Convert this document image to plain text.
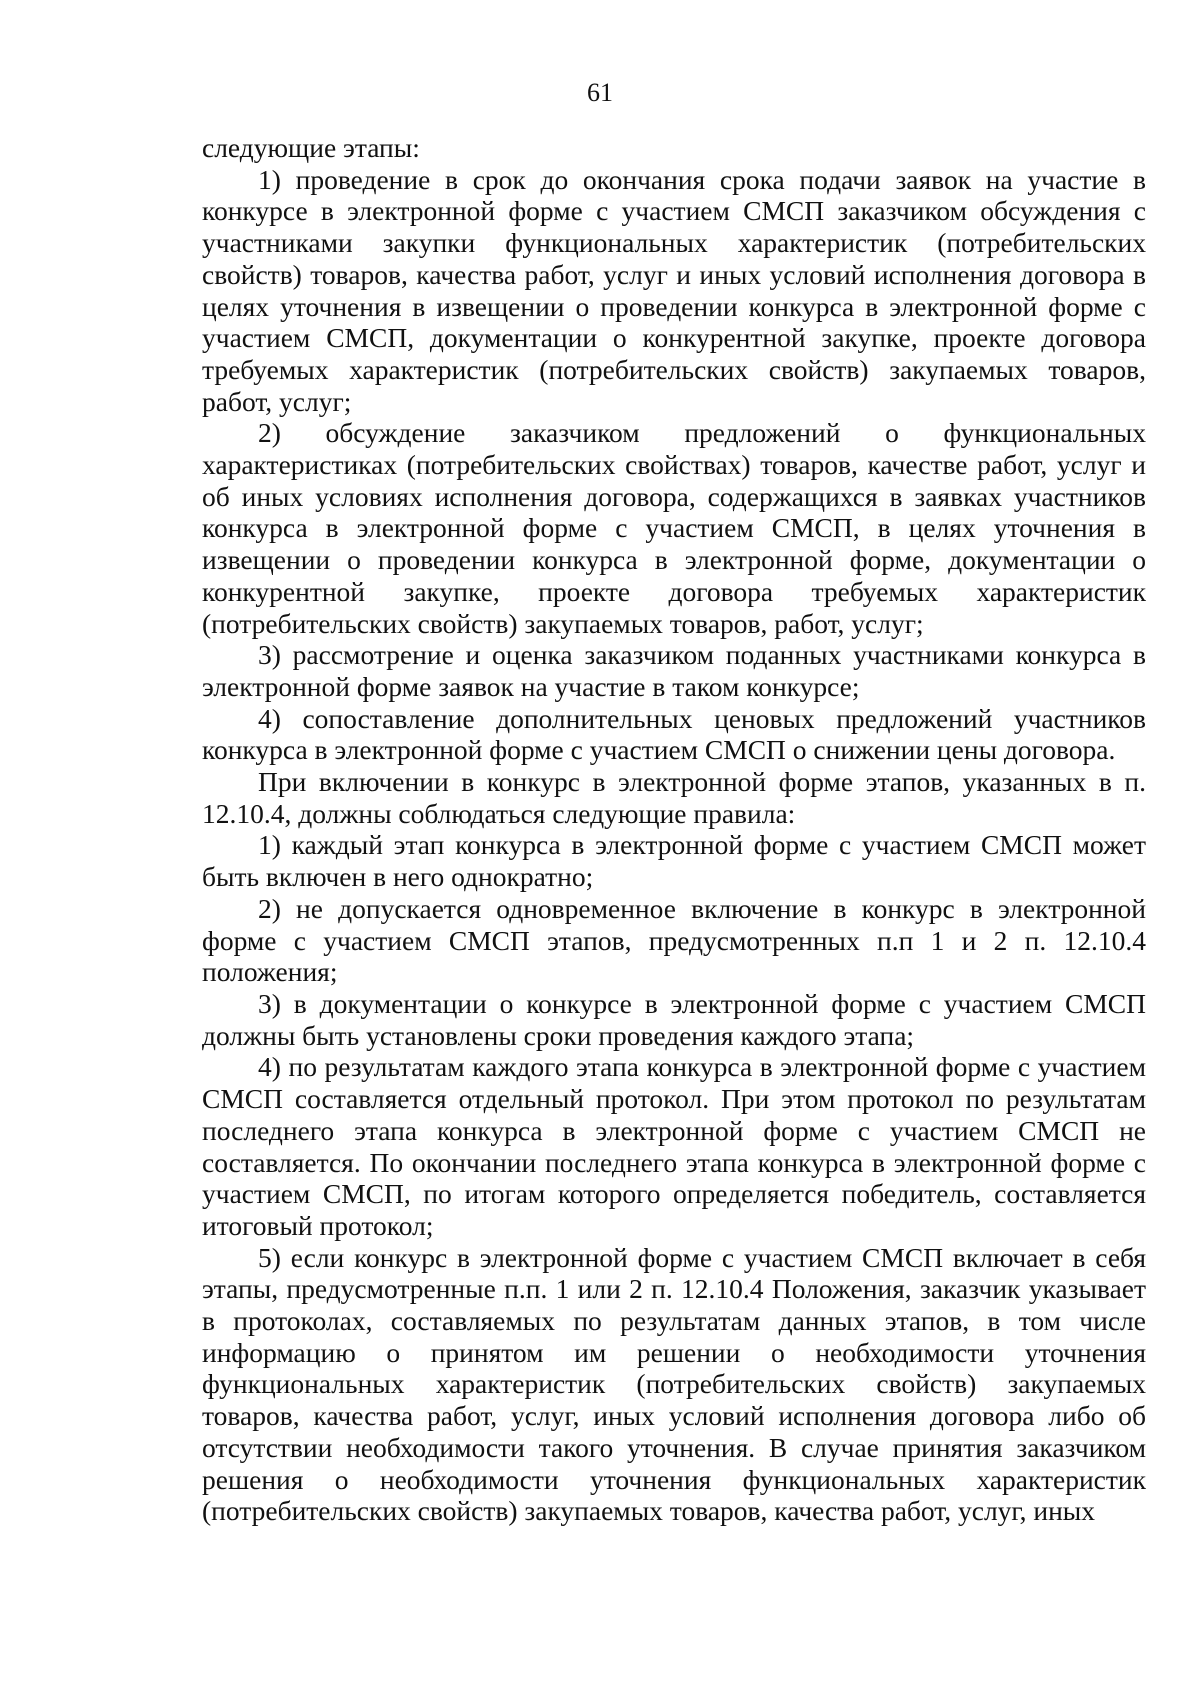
61

следующие этапы:

1) проведение в срок до окончания срока подачи заявок на участие в конкурсе в электронной форме с участием СМСП заказчиком обсуждения с участниками закупки функциональных характеристик (потребительских свойств) товаров, качества работ, услуг и иных условий исполнения договора в целях уточнения в извещении о проведении конкурса в электронной форме с участием СМСП, документации о конкурентной закупке, проекте договора требуемых характеристик (потребительских свойств) закупаемых товаров, работ, услуг;

2) обсуждение заказчиком предложений о функциональных характеристиках (потребительских свойствах) товаров, качестве работ, услуг и об иных условиях исполнения договора, содержащихся в заявках участников конкурса в электронной форме с участием СМСП, в целях уточнения в извещении о проведении конкурса в электронной форме, документации о конкурентной закупке, проекте договора требуемых характеристик (потребительских свойств) закупаемых товаров, работ, услуг;

3) рассмотрение и оценка заказчиком поданных участниками конкурса в электронной форме заявок на участие в таком конкурсе;

4) сопоставление дополнительных ценовых предложений участников конкурса в электронной форме с участием СМСП о снижении цены договора.

При включении в конкурс в электронной форме этапов, указанных в п. 12.10.4, должны соблюдаться следующие правила:

1) каждый этап конкурса в электронной форме с участием СМСП может быть включен в него однократно;

2) не допускается одновременное включение в конкурс в электронной форме с участием СМСП этапов, предусмотренных п.п 1 и 2 п. 12.10.4 положения;

3) в документации о конкурсе в электронной форме с участием СМСП должны быть установлены сроки проведения каждого этапа;

4) по результатам каждого этапа конкурса в электронной форме с участием СМСП составляется отдельный протокол. При этом протокол по результатам последнего этапа конкурса в электронной форме с участием СМСП не составляется. По окончании последнего этапа конкурса в электронной форме с участием СМСП, по итогам которого определяется победитель, составляется итоговый протокол;

5) если конкурс в электронной форме с участием СМСП включает в себя этапы, предусмотренные п.п. 1 или 2 п. 12.10.4 Положения, заказчик указывает в протоколах, составляемых по результатам данных этапов, в том числе информацию о принятом им решении о необходимости уточнения функциональных характеристик (потребительских свойств) закупаемых товаров, качества работ, услуг, иных условий исполнения договора либо об отсутствии необходимости такого уточнения. В случае принятия заказчиком решения о необходимости уточнения функциональных характеристик (потребительских свойств) закупаемых товаров, качества работ, услуг, иных
